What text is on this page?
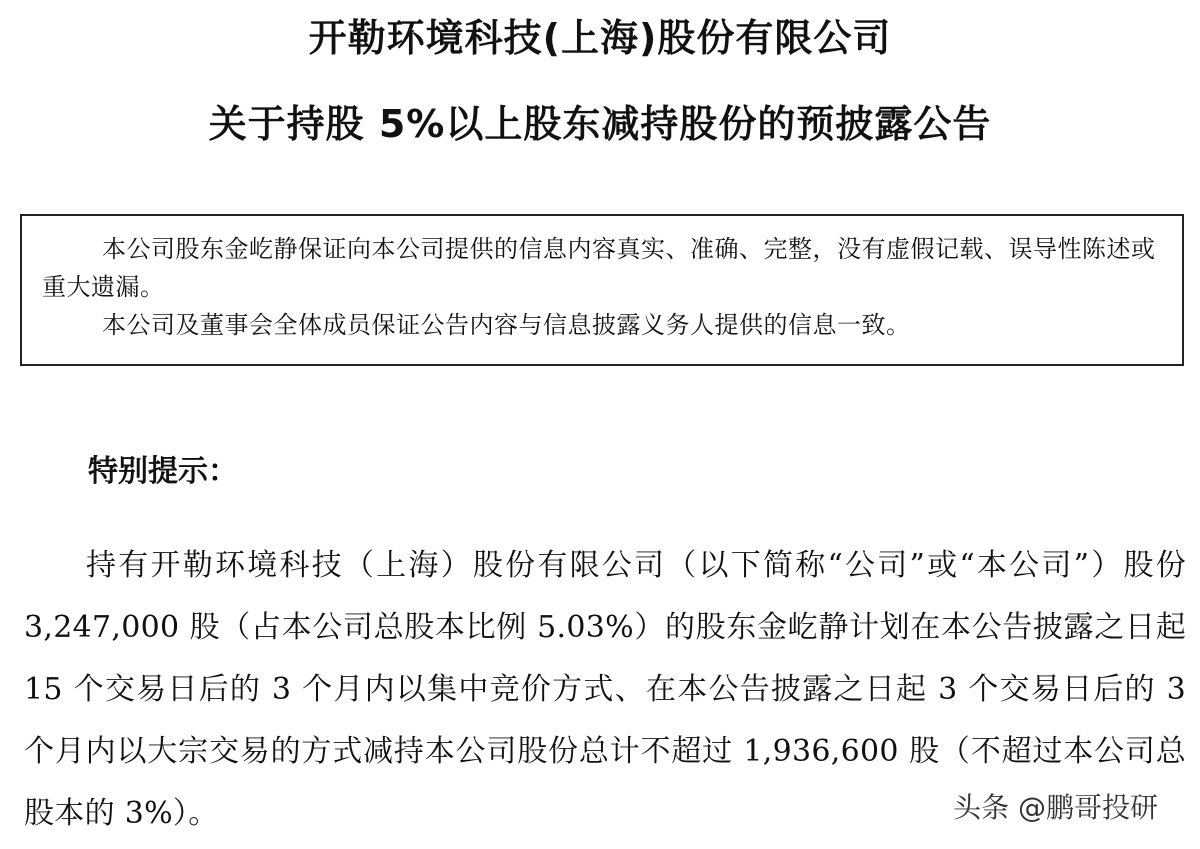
开勒环境科技(上海)股份有限公司
关于持股 5%以上股东减持股份的预披露公告

本公司股东金屹静保证向本公司提供的信息内容真实、准确、完整，没有虚假记载、误导性陈述或重大遗漏。

本公司及董事会全体成员保证公告内容与信息披露义务人提供的信息一致。

特别提示：

持有开勒环境科技（上海）股份有限公司（以下简称“公司”或“本公司”）股份 3,247,000 股（占本公司总股本比例 5.03%）的股东金屹静计划在本公告披露之日起 15 个交易日后的 3 个月内以集中竞价方式、在本公告披露之日起 3 个交易日后的 3 个月内以大宗交易的方式减持本公司股份总计不超过 1,936,600 股（不超过本公司总股本的 3%）。	头条 @鹏哥投研
